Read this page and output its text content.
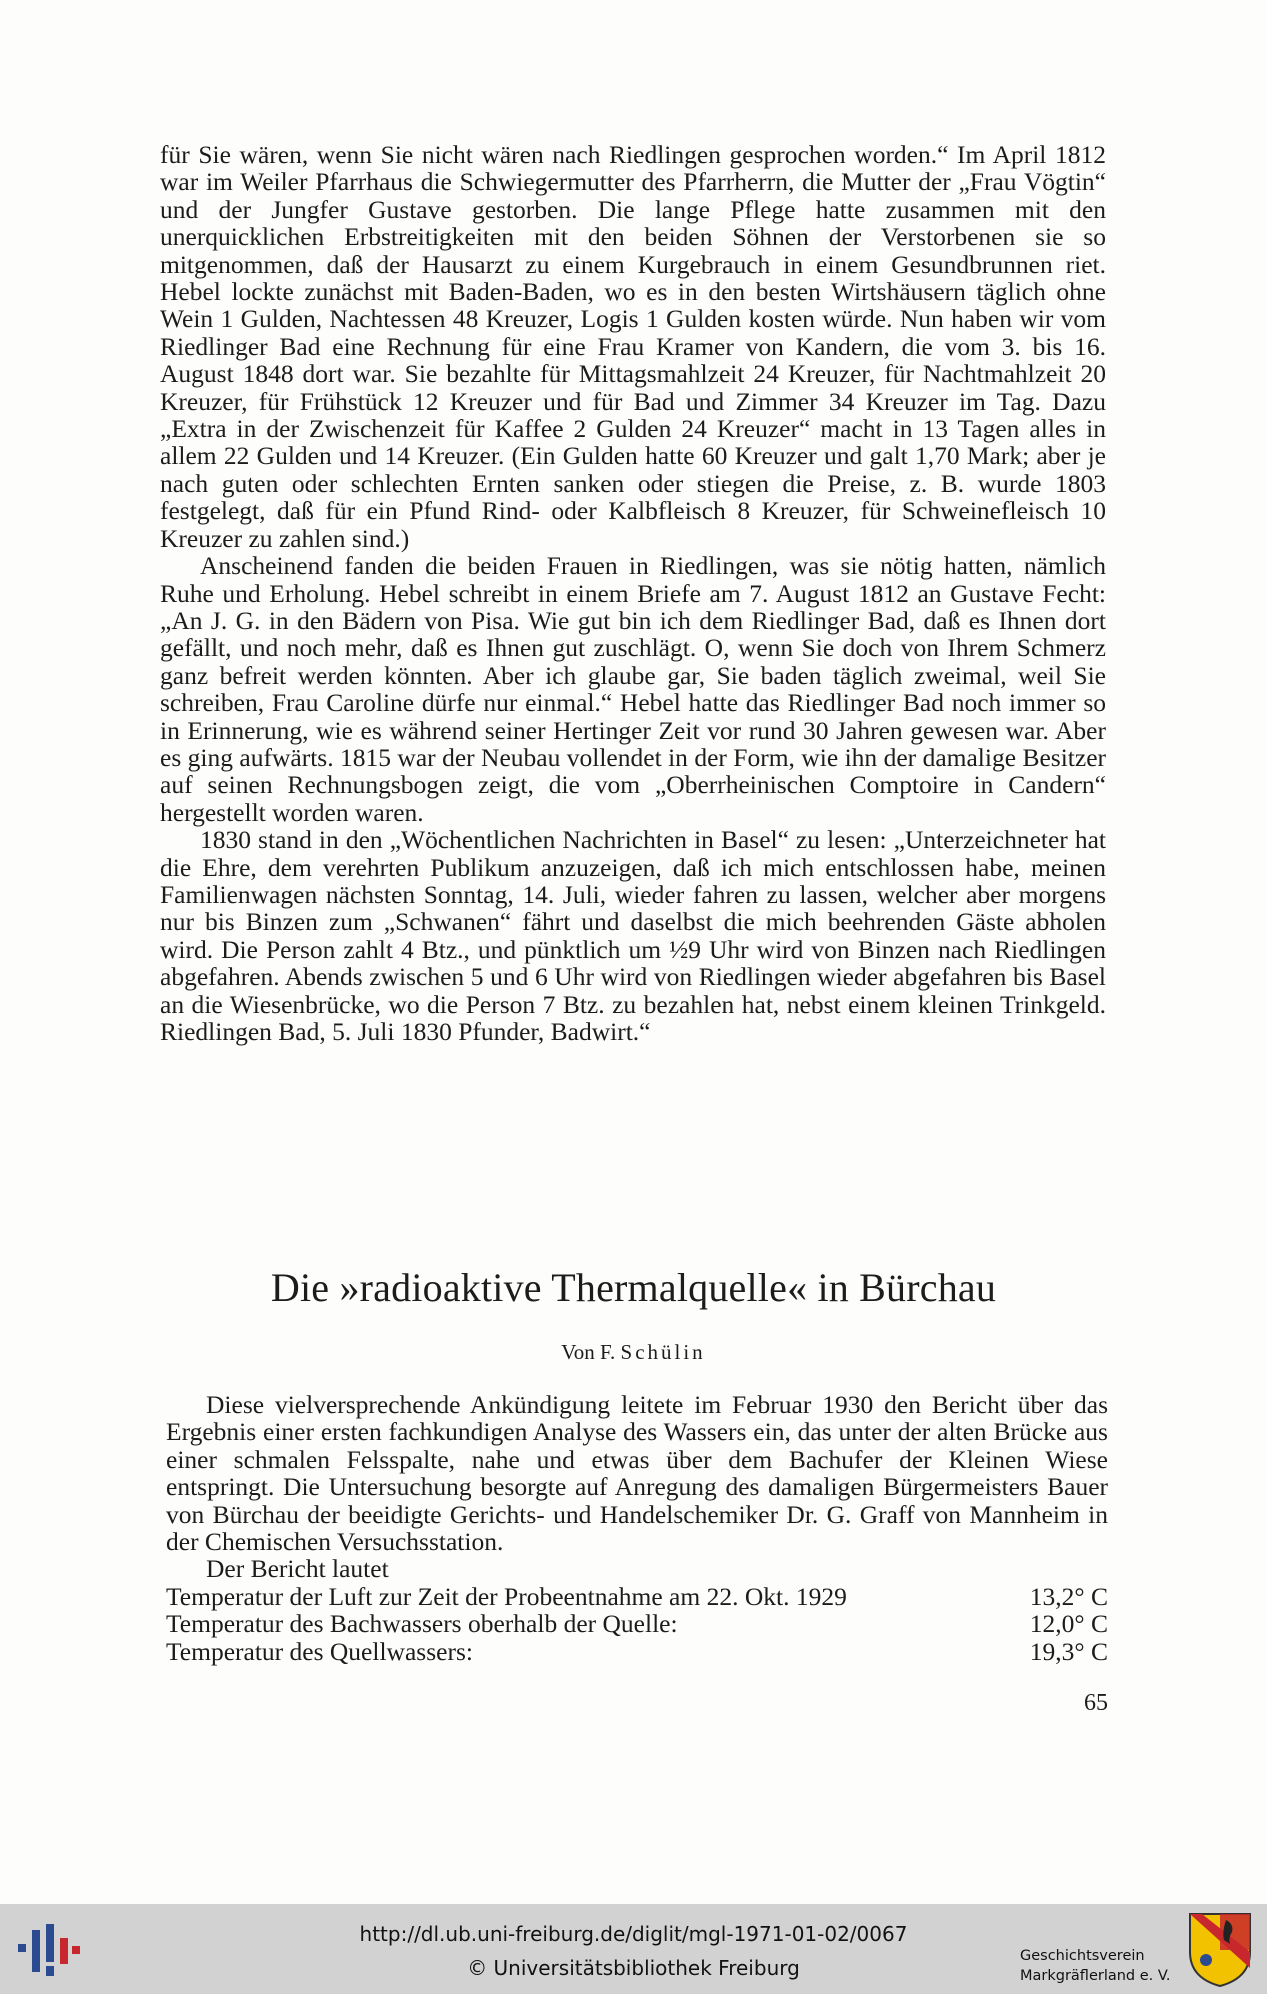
für Sie wären, wenn Sie nicht wären nach Riedlingen gesprochen worden.“ Im April 1812 war im Weiler Pfarrhaus die Schwiegermutter des Pfarrherrn, die Mutter der „Frau Vögtin“ und der Jungfer Gustave gestorben. Die lange Pflege hatte zusammen mit den unerquicklichen Erbstreitigkeiten mit den beiden Söhnen der Verstorbenen sie so mitgenommen, daß der Hausarzt zu einem Kurgebrauch in einem Gesundbrunnen riet. Hebel lockte zunächst mit Baden-Baden, wo es in den besten Wirtshäusern täglich ohne Wein 1 Gulden, Nachtessen 48 Kreuzer, Logis 1 Gulden kosten würde. Nun haben wir vom Riedlinger Bad eine Rechnung für eine Frau Kramer von Kandern, die vom 3. bis 16. August 1848 dort war. Sie bezahlte für Mittagsmahlzeit 24 Kreuzer, für Nachtmahlzeit 20 Kreuzer, für Frühstück 12 Kreuzer und für Bad und Zimmer 34 Kreuzer im Tag. Dazu „Extra in der Zwischenzeit für Kaffee 2 Gulden 24 Kreuzer“ macht in 13 Tagen alles in allem 22 Gulden und 14 Kreuzer. (Ein Gulden hatte 60 Kreuzer und galt 1,70 Mark; aber je nach guten oder schlechten Ernten sanken oder stiegen die Preise, z. B. wurde 1803 festgelegt, daß für ein Pfund Rind- oder Kalbfleisch 8 Kreuzer, für Schweinefleisch 10 Kreuzer zu zahlen sind.)

Anscheinend fanden die beiden Frauen in Riedlingen, was sie nötig hatten, nämlich Ruhe und Erholung. Hebel schreibt in einem Briefe am 7. August 1812 an Gustave Fecht: „An J. G. in den Bädern von Pisa. Wie gut bin ich dem Riedlinger Bad, daß es Ihnen dort gefällt, und noch mehr, daß es Ihnen gut zuschlägt. O, wenn Sie doch von Ihrem Schmerz ganz befreit werden könnten. Aber ich glaube gar, Sie baden täglich zweimal, weil Sie schreiben, Frau Caroline dürfe nur einmal.“ Hebel hatte das Riedlinger Bad noch immer so in Erinnerung, wie es während seiner Hertinger Zeit vor rund 30 Jahren gewesen war. Aber es ging aufwärts. 1815 war der Neubau vollendet in der Form, wie ihn der damalige Besitzer auf seinen Rechnungsbogen zeigt, die vom „Oberrheinischen Comptoire in Candern“ hergestellt worden waren.

1830 stand in den „Wöchentlichen Nachrichten in Basel“ zu lesen: „Unterzeichneter hat die Ehre, dem verehrten Publikum anzuzeigen, daß ich mich entschlossen habe, meinen Familienwagen nächsten Sonntag, 14. Juli, wieder fahren zu lassen, welcher aber morgens nur bis Binzen zum „Schwanen“ fährt und daselbst die mich beehrenden Gäste abholen wird. Die Person zahlt 4 Btz., und pünktlich um ½9 Uhr wird von Binzen nach Riedlingen abgefahren. Abends zwischen 5 und 6 Uhr wird von Riedlingen wieder abgefahren bis Basel an die Wiesenbrücke, wo die Person 7 Btz. zu bezahlen hat, nebst einem kleinen Trinkgeld. Riedlingen Bad, 5. Juli 1830 Pfunder, Badwirt.“

Die »radioaktive Thermalquelle« in Bürchau
Von F. Schülin

Diese vielversprechende Ankündigung leitete im Februar 1930 den Bericht über das Ergebnis einer ersten fachkundigen Analyse des Wassers ein, das unter der alten Brücke aus einer schmalen Felsspalte, nahe und etwas über dem Bachufer der Kleinen Wiese entspringt. Die Untersuchung besorgte auf Anregung des damaligen Bürgermeisters Bauer von Bürchau der beeidigte Gerichts- und Handelschemiker Dr. G. Graff von Mannheim in der Chemischen Versuchsstation.

Der Bericht lautet
Temperatur der Luft zur Zeit der Probeentnahme am 22. Okt. 1929	13,2° C
Temperatur des Bachwassers oberhalb der Quelle:	12,0° C
Temperatur des Quellwassers:	19,3° C
65
http://dl.ub.uni-freiburg.de/diglit/mgl-1971-01-02/0067
© Universitätsbibliothek Freiburg	Geschichtsverein
Markgräflerland e. V.
